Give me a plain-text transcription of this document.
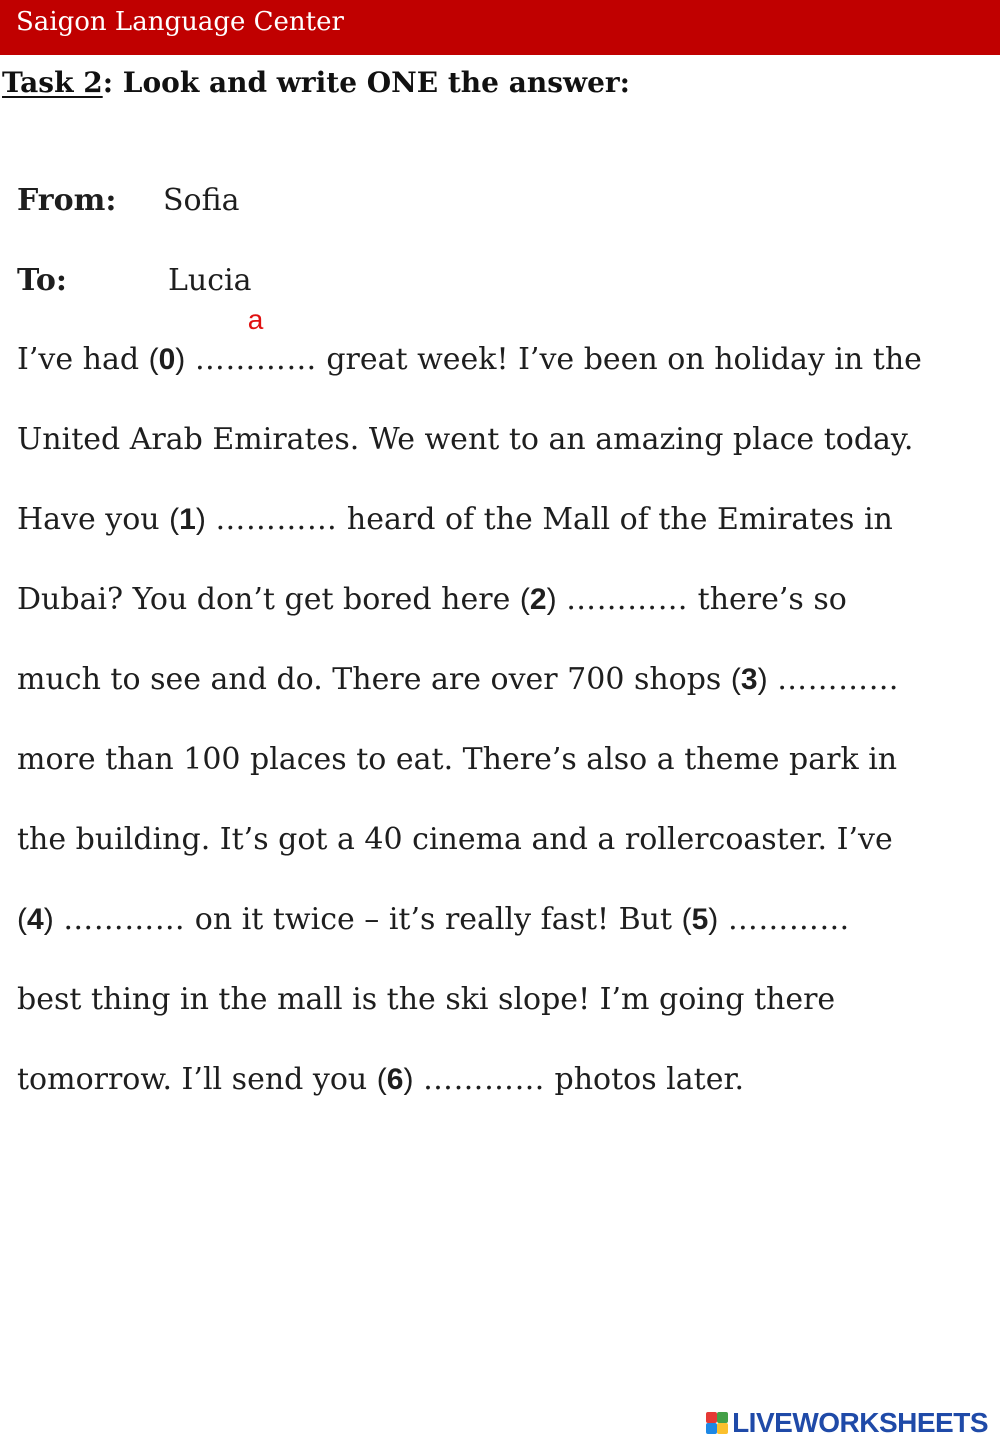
Saigon Language Center
Task 2: Look and write ONE the answer:
From: Sofia
To:	Lucia
I’ve had (0) …………
a
great week! I’ve been on holiday in the
United Arab Emirates. We went to an amazing place today.
Have you (1) …………
heard of the Mall of the Emirates in
Dubai? You don’t get bored here (2) …………
there’s so
much to see and do. There are over 700 shops (3) …………
more than 100 places to eat. There’s also a theme park in
the building. It’s got a 40 cinema and a rollercoaster. I’ve
(4) …………
on it twice – it’s really fast! But (5) …………
best thing in the mall is the ski slope! I’m going there
tomorrow. I’ll send you (6) …………
photos later.
LIVEWORKSHEETS
